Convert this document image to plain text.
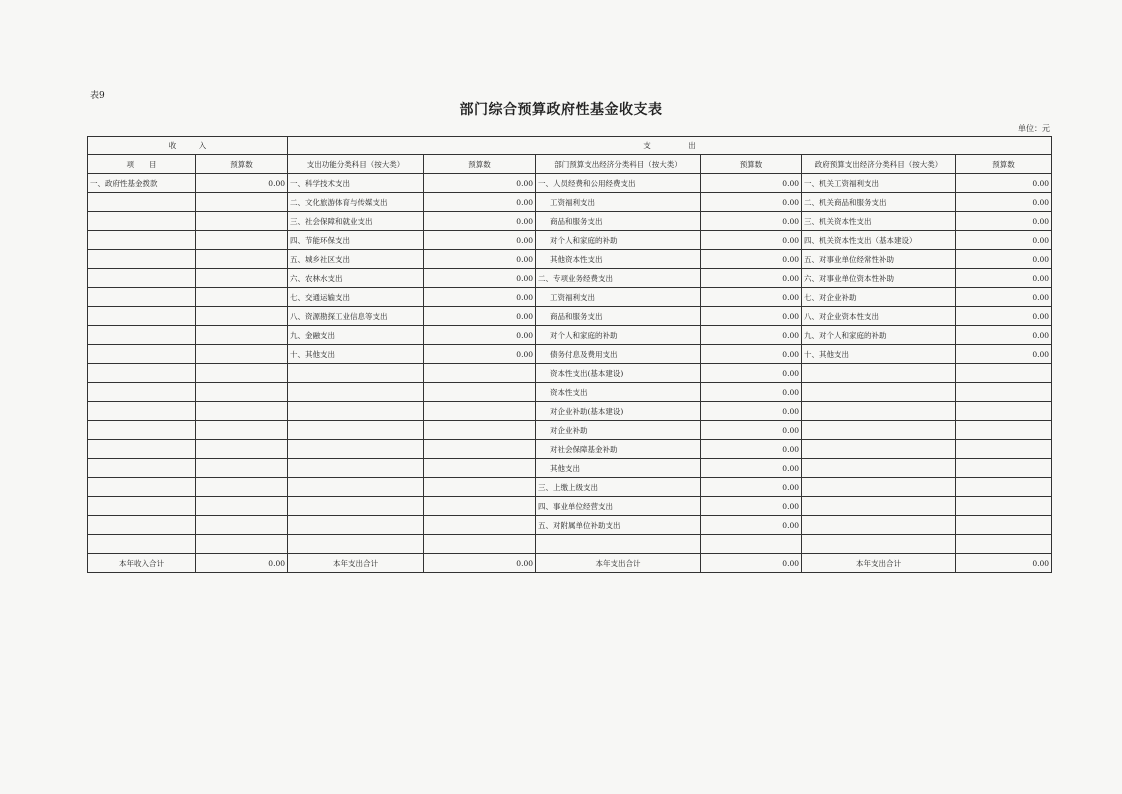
表9
部门综合预算政府性基金收支表
单位：元
收　　　入		支　　　　　出					
项　　目	预算数	支出功能分类科目（按大类）	预算数	部门预算支出经济分类科目（按大类）	预算数	政府预算支出经济分类科目（按大类）	预算数
一、政府性基金拨款	0.00	一、科学技术支出	0.00	一、人员经费和公用经费支出	0.00	一、机关工资福利支出	0.00
		二、文化旅游体育与传媒支出	0.00	工资福利支出	0.00	二、机关商品和服务支出	0.00
		三、社会保障和就业支出	0.00	商品和服务支出	0.00	三、机关资本性支出	0.00
		四、节能环保支出	0.00	对个人和家庭的补助	0.00	四、机关资本性支出（基本建设）	0.00
		五、城乡社区支出	0.00	其他资本性支出	0.00	五、对事业单位经常性补助	0.00
		六、农林水支出	0.00	二、专项业务经费支出	0.00	六、对事业单位资本性补助	0.00
		七、交通运输支出	0.00	工资福利支出	0.00	七、对企业补助	0.00
		八、资源勘探工业信息等支出	0.00	商品和服务支出	0.00	八、对企业资本性支出	0.00
		九、金融支出	0.00	对个人和家庭的补助	0.00	九、对个人和家庭的补助	0.00
		十、其他支出	0.00	债务付息及费用支出	0.00	十、其他支出	0.00
				资本性支出(基本建设)	0.00		
				资本性支出	0.00		
				对企业补助(基本建设)	0.00		
				对企业补助	0.00		
				对社会保障基金补助	0.00		
				其他支出	0.00		
				三、上缴上级支出	0.00		
				四、事业单位经营支出	0.00		
				五、对附属单位补助支出	0.00		

本年收入合计	0.00	本年支出合计	0.00	本年支出合计	0.00	本年支出合计	0.00
